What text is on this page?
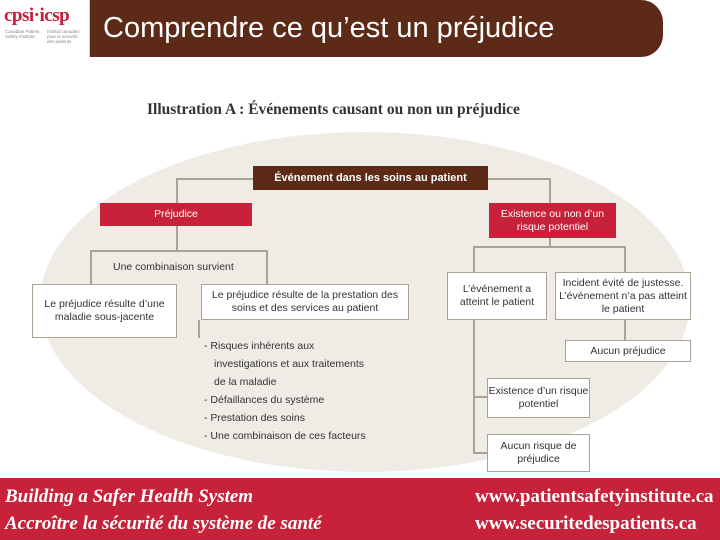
cpsi·icsp
Canadian Patient Safety Institute
Institut canadien pour la sécurité des patients	Comprendre ce qu’est un préjudice
Illustration A : Événements causant ou non un préjudice
Événement dans les soins au patient
Préjudice	Existence ou non d’un risque potentiel
Une combinaison survient
Le préjudice résulte d’une maladie sous-jacente
Le préjudice résulte de la prestation des soins et des services au patient
L’événement a atteint le patient
Incident évité de justesse. L’événement n’a pas atteint le patient
Aucun préjudice
Existence d’un risque potentiel
Aucun risque de préjudice
- Risques inhérents aux
investigations et aux traitements
de la maladie
- Défaillances du système
- Prestation des soins
- Une combinaison de ces facteurs
Building a Safer Health System
Accroître la sécurité du système de santé
www.patientsafetyinstitute.ca
www.securitedespatients.ca
